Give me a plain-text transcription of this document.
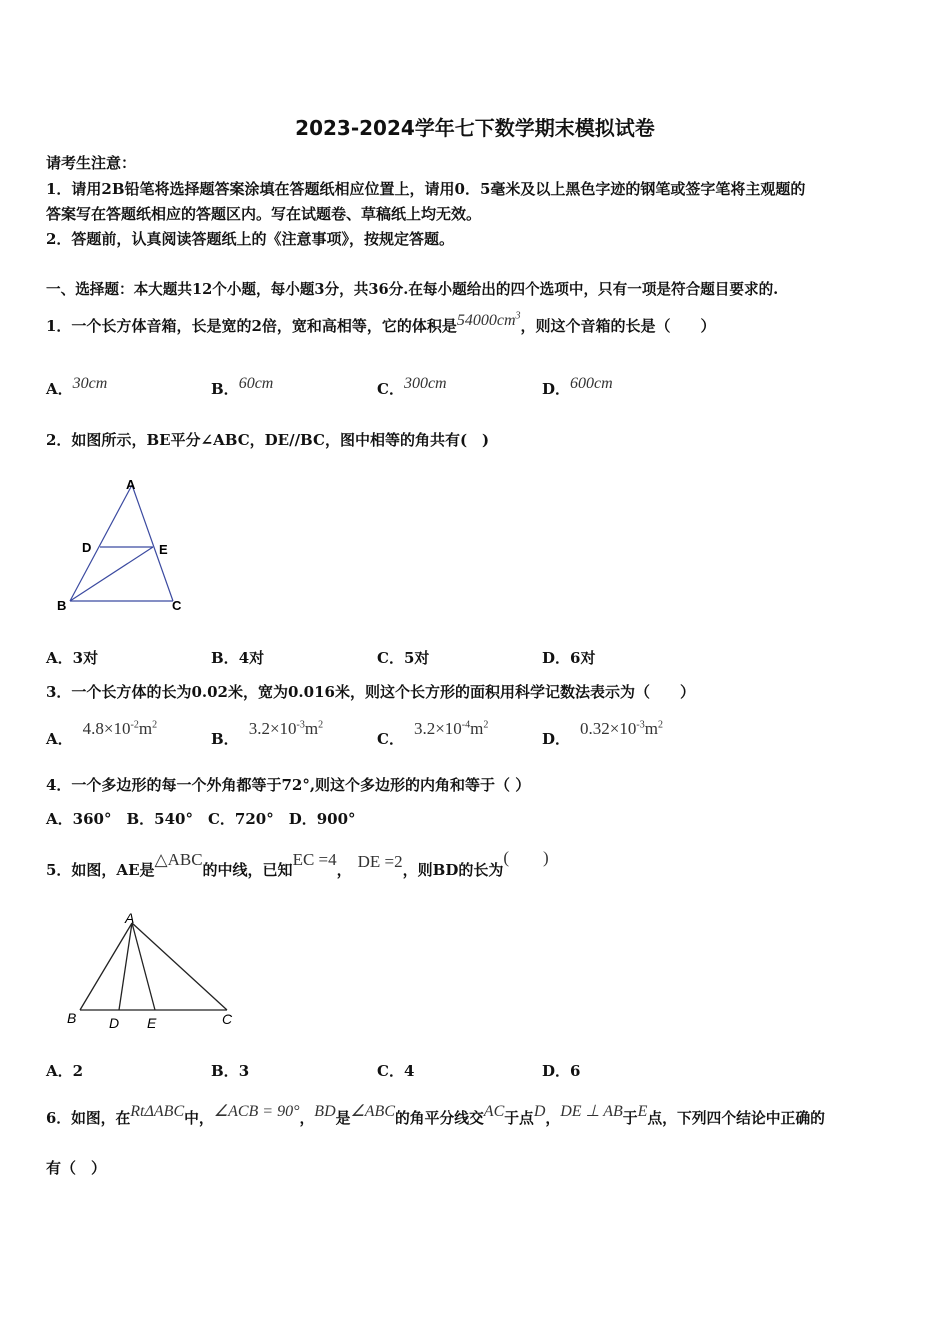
2023-2024学年七下数学期末模拟试卷
请考生注意：
1．请用2B铅笔将选择题答案涂填在答题纸相应位置上，请用0．5毫米及以上黑色字迹的钢笔或签字笔将主观题的
答案写在答题纸相应的答题区内。写在试题卷、草稿纸上均无效。
2．答题前，认真阅读答题纸上的《注意事项》，按规定答题。
一、选择题：本大题共12个小题，每小题3分，共36分.在每小题给出的四个选项中，只有一项是符合题目要求的.
1．一个长方体音箱，长是宽的2倍，宽和高相等，它的体积是$54000cm^3$，则这个音箱的长是（　　）
A．30cm	B．60cm	C．300cm	D．600cm
2．如图所示，BE平分∠ABC，DE//BC，图中相等的角共有(　)
A
D	E
B	C
A．3对	B．4对	C．5对	D．6对
3．一个长方体的长为0.02米，宽为0.016米，则这个长方形的面积用科学记数法表示为（　　）
A．$4.8\times 10^{-2}m^2$
B．$3.2\times 10^{-3}m^2$
C．$3.2\times 10^{-4}m^2$
D．$0.32\times 10^{-3}m^2$
4．一个多边形的每一个外角都等于72°,则这个多边形的内角和等于（ ）
A．360°　B．540°　C．720°　D．900°
5．如图，AE是△ABC的中线，已知EC =4， DE =2，则BD的长为(　　)
A
B D E	C
A．2	B．3	C．4	D．6
6．如图，在RtΔABC中，∠ACB = 90°，BD是∠ABC的角平分线交AC于点D，DE ⊥ AB于E点，下列四个结论中正确的
有（　）
